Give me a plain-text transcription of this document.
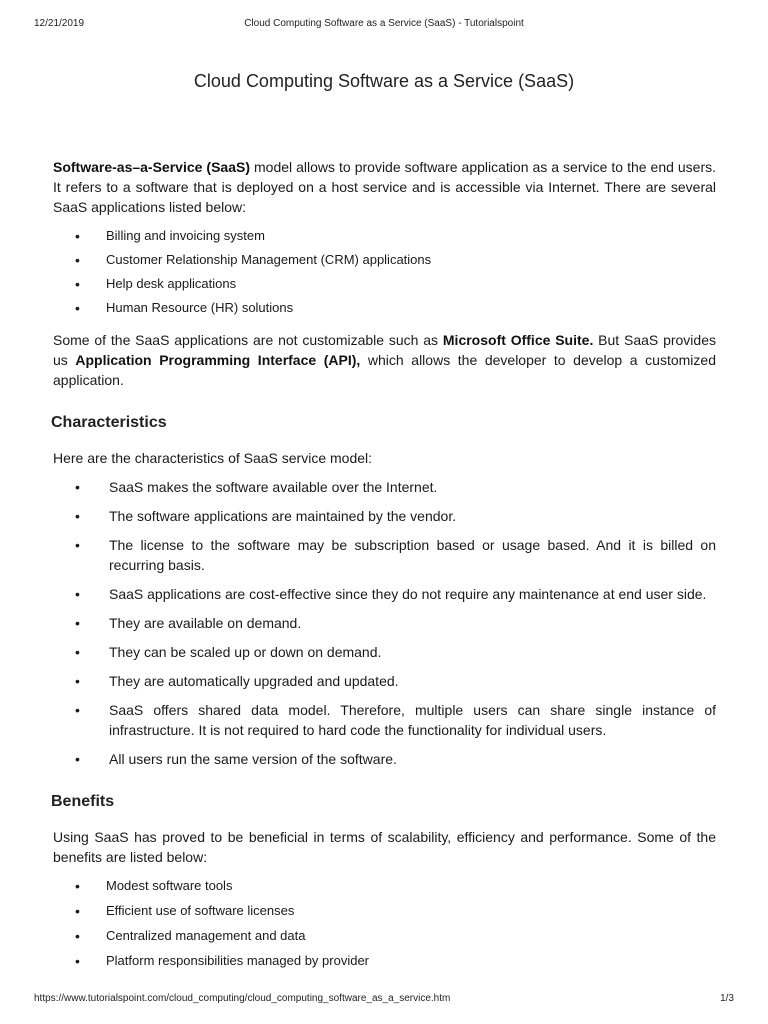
12/21/2019	Cloud Computing Software as a Service (SaaS) - Tutorialspoint
Cloud Computing Software as a Service (SaaS)

Software-as–a-Service (SaaS) model allows to provide software application as a service to the end users. It refers to a software that is deployed on a host service and is accessible via Internet. There are several SaaS applications listed below:

• Billing and invoicing system
• Customer Relationship Management (CRM) applications
• Help desk applications
• Human Resource (HR) solutions

Some of the SaaS applications are not customizable such as Microsoft Office Suite. But SaaS provides us Application Programming Interface (API), which allows the developer to develop a customized application.

Characteristics

Here are the characteristics of SaaS service model:

• SaaS makes the software available over the Internet.
• The software applications are maintained by the vendor.
• The license to the software may be subscription based or usage based. And it is billed on recurring basis.
• SaaS applications are cost-effective since they do not require any maintenance at end user side.
• They are available on demand.
• They can be scaled up or down on demand.
• They are automatically upgraded and updated.
• SaaS offers shared data model. Therefore, multiple users can share single instance of infrastructure. It is not required to hard code the functionality for individual users.
• All users run the same version of the software.
Benefits

Using SaaS has proved to be beneficial in terms of scalability, efficiency and performance. Some of the benefits are listed below:

• Modest software tools
• Efficient use of software licenses
• Centralized management and data
• Platform responsibilities managed by provider
https://www.tutorialspoint.com/cloud_computing/cloud_computing_software_as_a_service.htm	1/3
